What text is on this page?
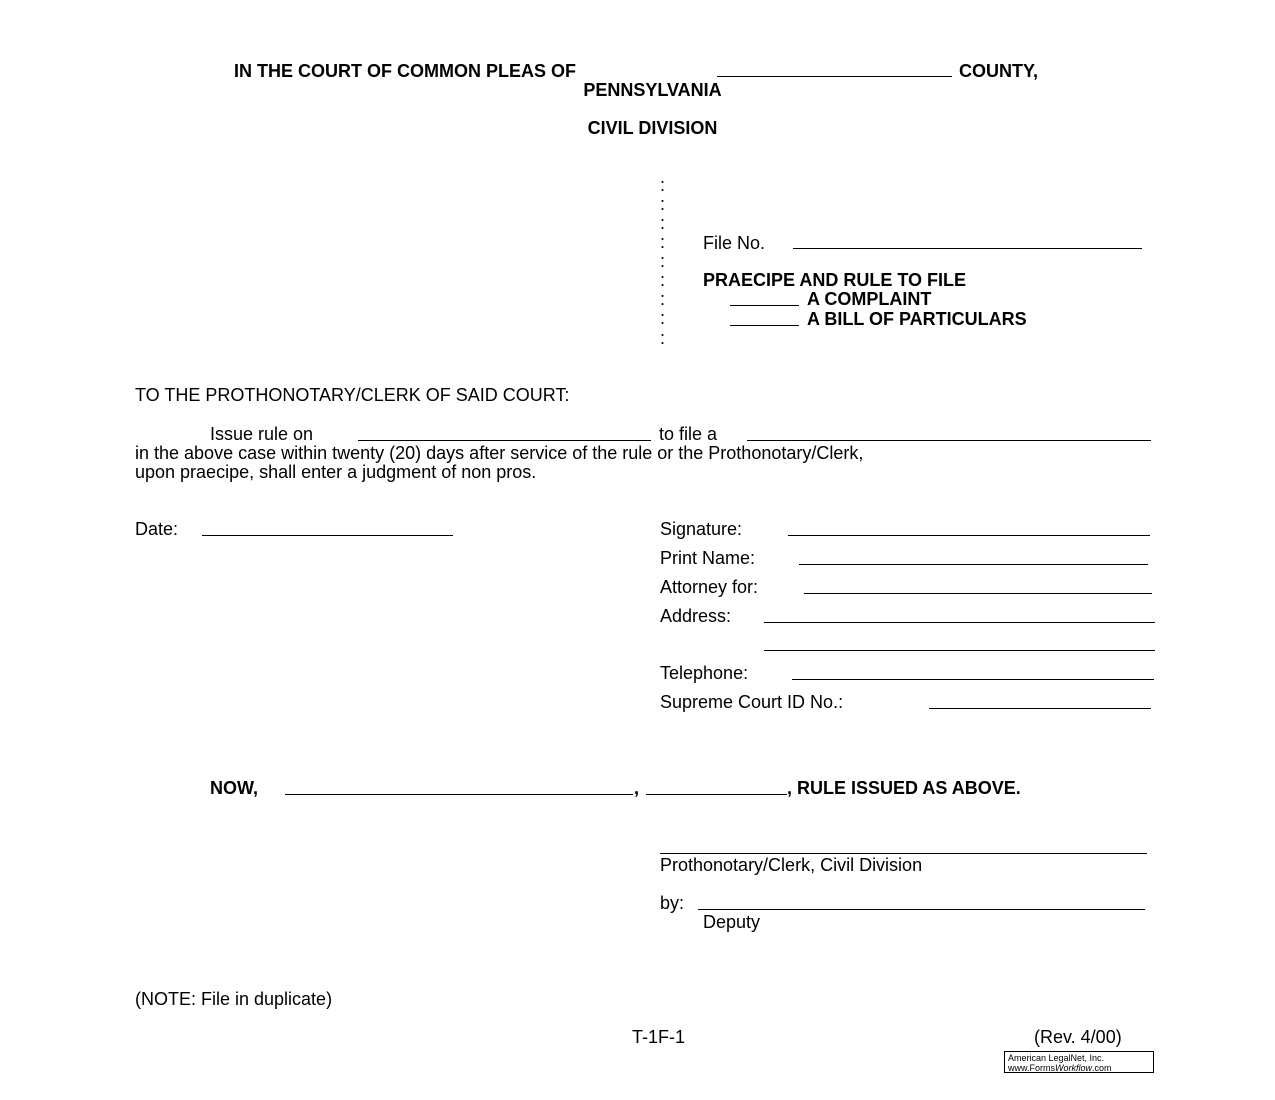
IN THE COURT OF COMMON PLEAS OF	COUNTY,
PENNSYLVANIA
CIVIL DIVISION
:
:
:
:
:
:
:
:
:
File No.
PRAECIPE AND RULE TO FILE
A COMPLAINT
A BILL OF PARTICULARS
TO THE PROTHONOTARY/CLERK OF SAID COURT:
Issue rule on	to file a
in the above case within twenty (20) days after service of the rule or the Prothonotary/Clerk,
upon praecipe, shall enter a judgment of non pros.
Date:	Signature:
Print Name:
Attorney for:
Address:
Telephone:
Supreme Court ID No.:
NOW,	,	, RULE ISSUED AS ABOVE.
Prothonotary/Clerk, Civil Division
by:
Deputy
(NOTE: File in duplicate)
T-1F-1	(Rev. 4/00)
American LegalNet, Inc.
www.FormsWorkflow.com
